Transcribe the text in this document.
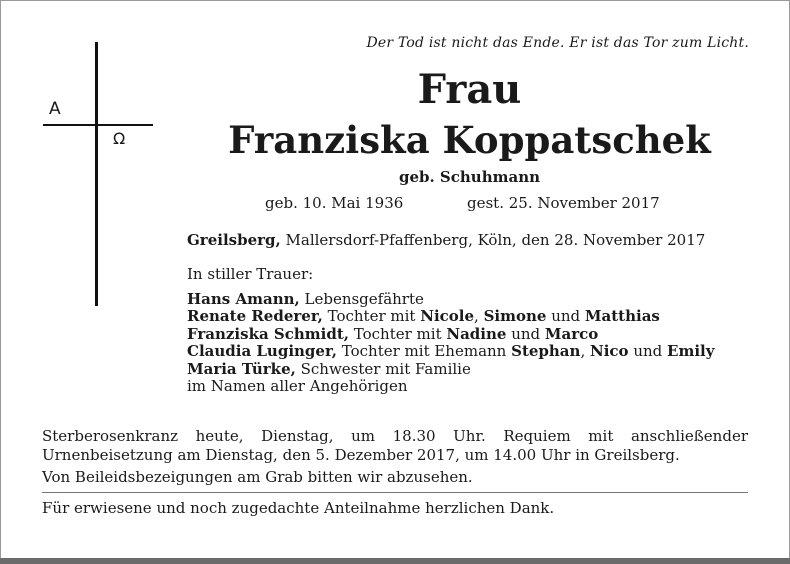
A
Ω
Der Tod ist nicht das Ende. Er ist das Tor zum Licht.
Frau
Franziska Koppatschek
geb. Schuhmann
geb. 10. Mai 1936	gest. 25. November 2017
Greilsberg, Mallersdorf-Pfaffenberg, Köln, den 28. November 2017
In stiller Trauer:
Hans Amann, Lebensgefährte
Renate Rederer, Tochter mit Nicole, Simone und Matthias
Franziska Schmidt, Tochter mit Nadine und Marco
Claudia Luginger, Tochter mit Ehemann Stephan, Nico und Emily
Maria Türke, Schwester mit Familie
im Namen aller Angehörigen
Sterberosenkranz heute, Dienstag, um 18.30 Uhr. Requiem mit anschließender Urnenbeisetzung am Dienstag, den 5. Dezember 2017, um 14.00 Uhr in Greilsberg.
Von Beileidsbezeigungen am Grab bitten wir abzusehen.
Für erwiesene und noch zugedachte Anteilnahme herzlichen Dank.
